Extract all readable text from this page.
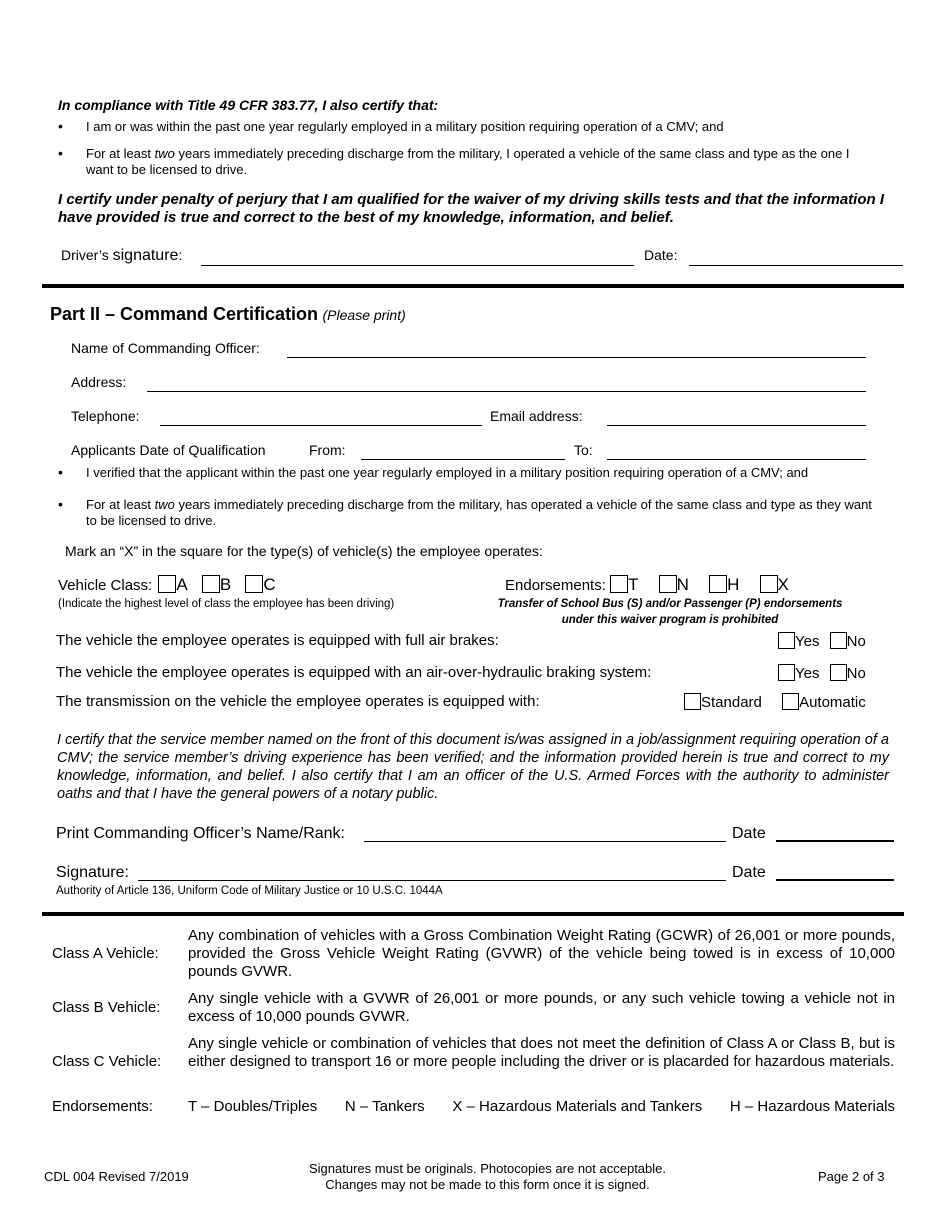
In compliance with Title 49 CFR 383.77, I also certify that:
• I am or was within the past one year regularly employed in a military position requiring operation of a CMV; and
• For at least two years immediately preceding discharge from the military, I operated a vehicle of the same class and type as the one I want to be licensed to drive.
I certify under penalty of perjury that I am qualified for the waiver of my driving skills tests and that the information I have provided is true and correct to the best of my knowledge, information, and belief.
Driver’s signature:	Date:
Part II – Command Certification (Please print)
Name of Commanding Officer:
Address:
Telephone:	Email address:
Applicants Date of Qualification	From:	To:
• I verified that the applicant within the past one year regularly employed in a military position requiring operation of a CMV; and
• For at least two years immediately preceding discharge from the military, has operated a vehicle of the same class and type as they want to be licensed to drive.
Mark an “X” in the square for the type(s) of vehicle(s) the employee operates:
Vehicle Class: A B C
(Indicate the highest level of class the employee has been driving)
Endorsements: T N H X
Transfer of School Bus (S) and/or Passenger (P) endorsements
under this waiver program is prohibited
The vehicle the employee operates is equipped with full air brakes:	Yes No
The vehicle the employee operates is equipped with an air-over-hydraulic braking system:	Yes No
The transmission on the vehicle the employee operates is equipped with:	Standard Automatic
I certify that the service member named on the front of this document is/was assigned in a job/assignment requiring operation of a CMV; the service member’s driving experience has been verified; and the information provided herein is true and correct to my knowledge, information, and belief. I also certify that I am an officer of the U.S. Armed Forces with the authority to administer oaths and that I have the general powers of a notary public.
Print Commanding Officer’s Name/Rank:	Date
Signature:	Date
Authority of Article 136, Uniform Code of Military Justice or 10 U.S.C. 1044A
Class A Vehicle:
Any combination of vehicles with a Gross Combination Weight Rating (GCWR) of 26,001 or more pounds, provided the Gross Vehicle Weight Rating (GVWR) of the vehicle being towed is in excess of 10,000 pounds GVWR.
Class B Vehicle:
Any single vehicle with a GVWR of 26,001 or more pounds, or any such vehicle towing a vehicle not in excess of 10,000 pounds GVWR.
Class C Vehicle:
Any single vehicle or combination of vehicles that does not meet the definition of Class A or Class B, but is either designed to transport 16 or more people including the driver or is placarded for hazardous materials.
Endorsements: T – Doubles/Triples N – Tankers X – Hazardous Materials and Tankers H – Hazardous Materials
CDL 004 Revised 7/2019
Signatures must be originals. Photocopies are not acceptable.
Changes may not be made to this form once it is signed.
Page 2 of 3
